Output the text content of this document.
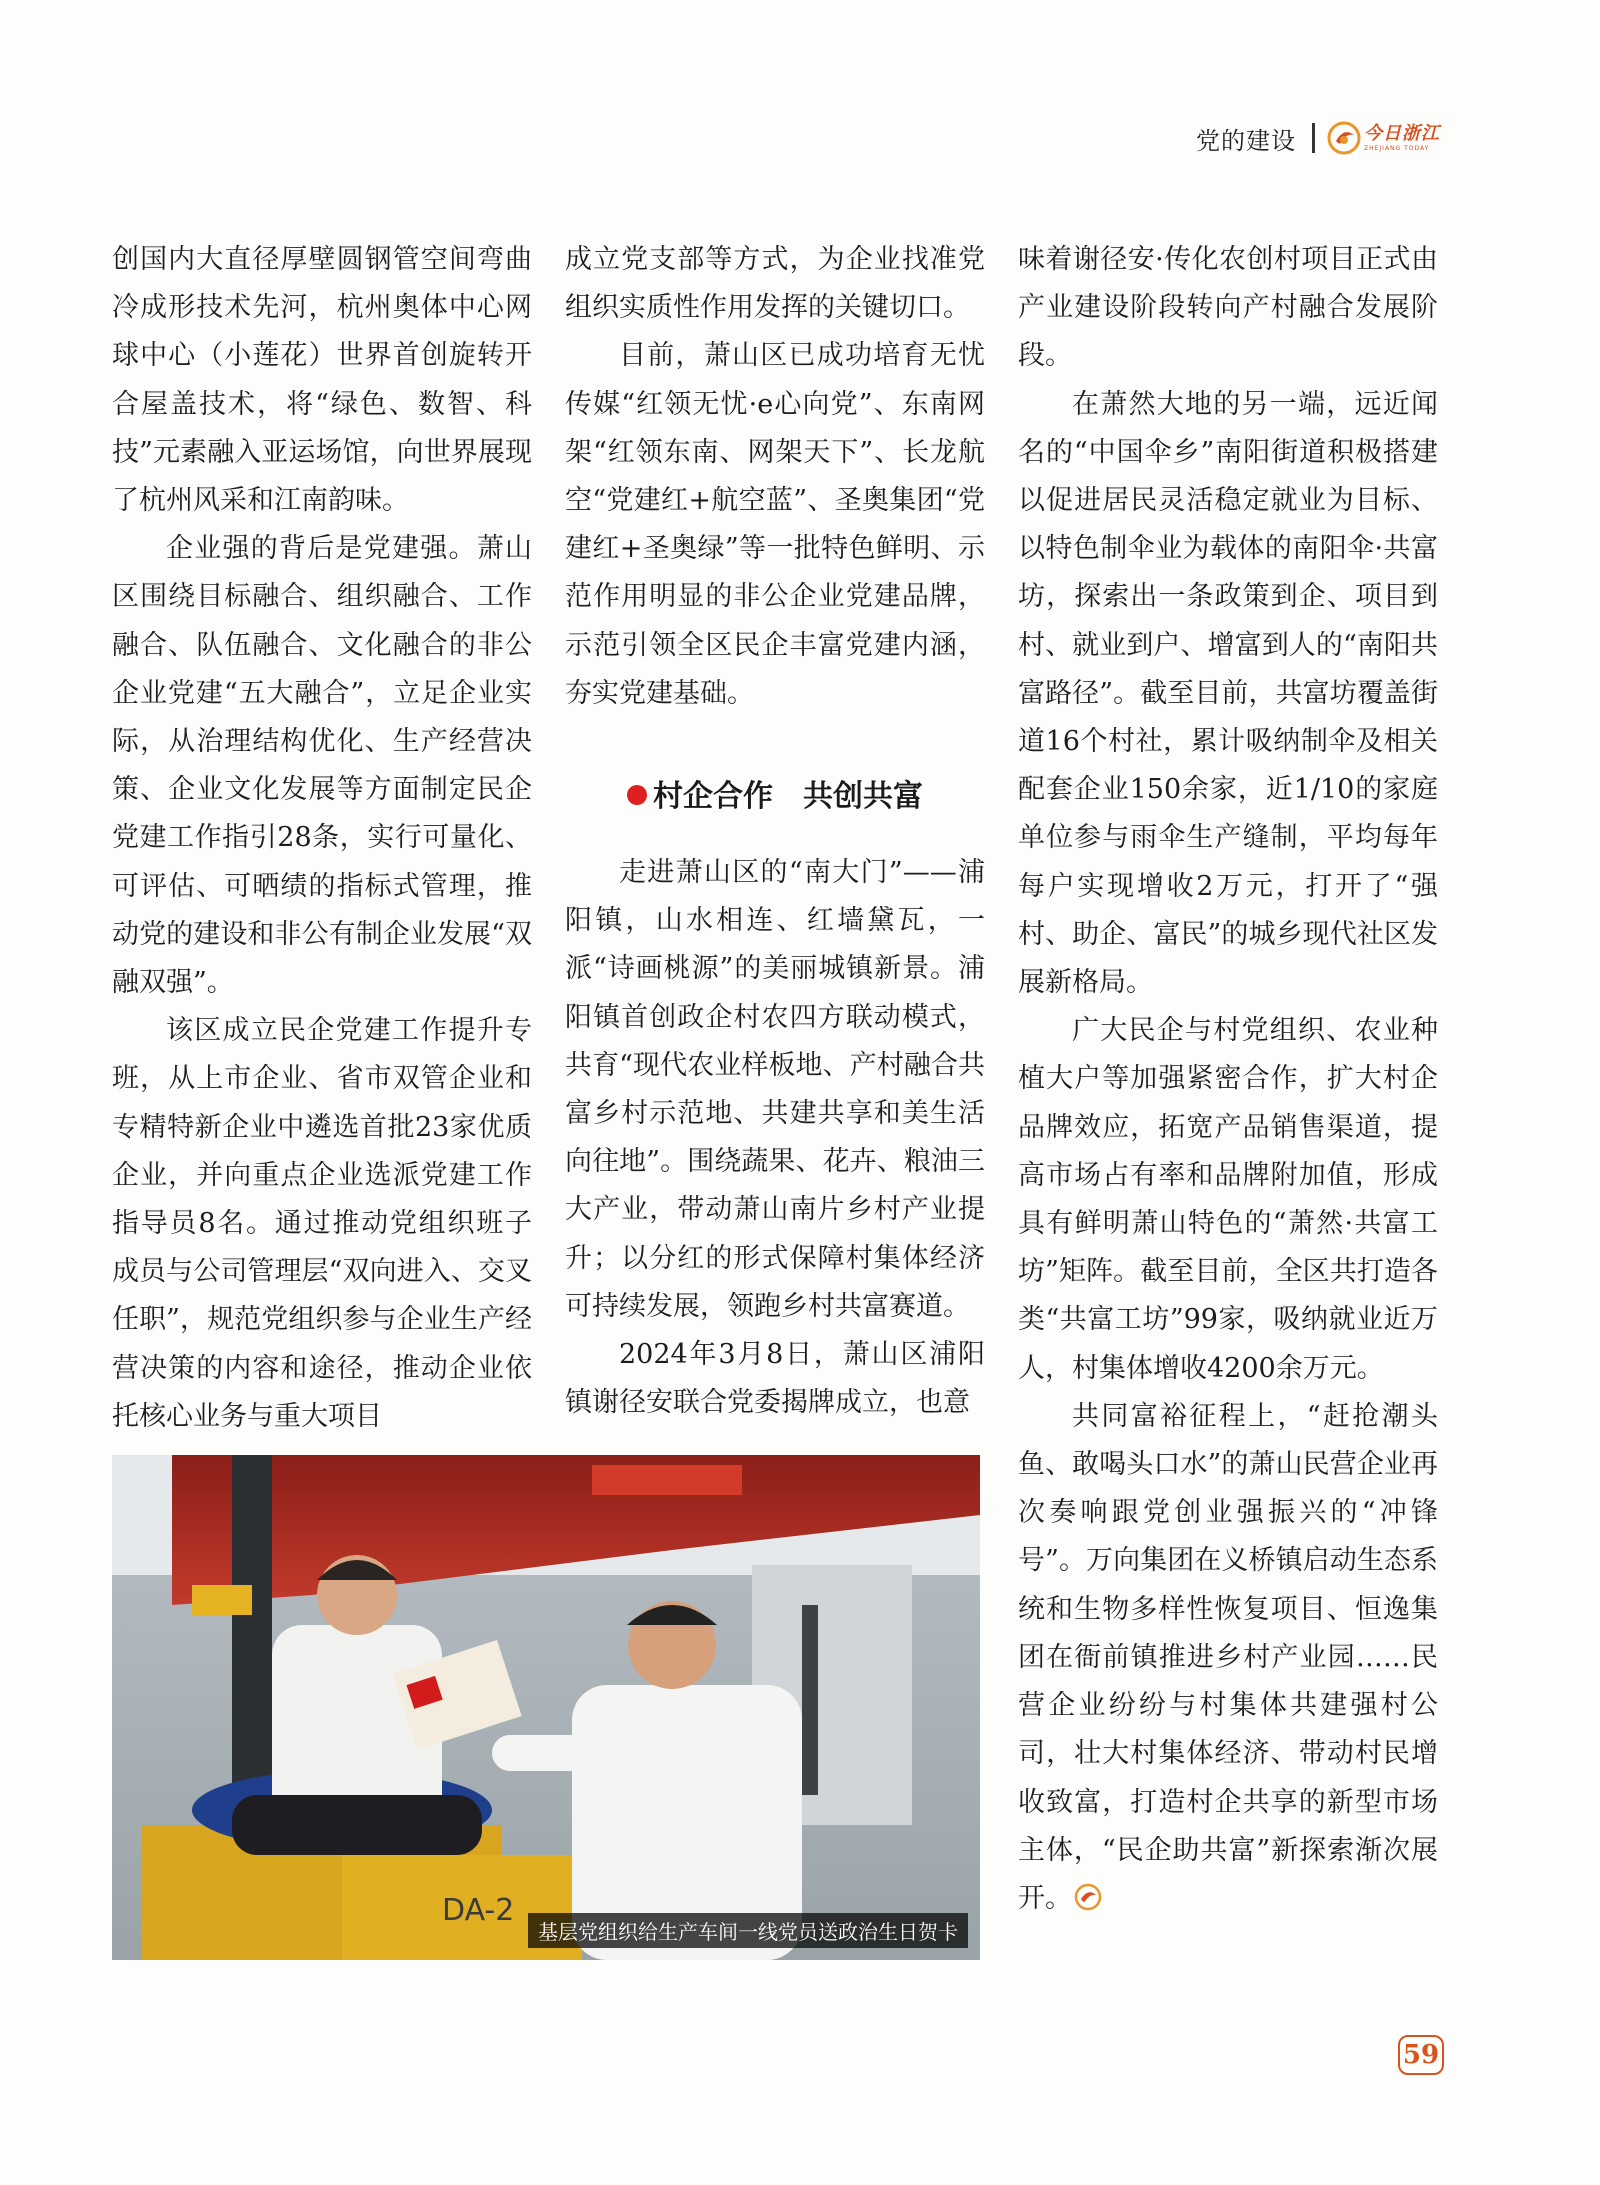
党的建设	今日浙江
ZHEJIANG TODAY

创国内大直径厚壁圆钢管空间弯曲冷成形技术先河，杭州奥体中心网球中心（小莲花）世界首创旋转开合屋盖技术，将“绿色、数智、科技”元素融入亚运场馆，向世界展现了杭州风采和江南韵味。

企业强的背后是党建强。萧山区围绕目标融合、组织融合、工作融合、队伍融合、文化融合的非公企业党建“五大融合”，立足企业实际，从治理结构优化、生产经营决策、企业文化发展等方面制定民企党建工作指引28条，实行可量化、可评估、可晒绩的指标式管理，推动党的建设和非公有制企业发展“双融双强”。

该区成立民企党建工作提升专班，从上市企业、省市双管企业和专精特新企业中遴选首批23家优质企业，并向重点企业选派党建工作指导员8名。通过推动党组织班子成员与公司管理层“双向进入、交叉任职”，规范党组织参与企业生产经营决策的内容和途径，推动企业依托核心业务与重大项目

成立党支部等方式，为企业找准党组织实质性作用发挥的关键切口。

目前，萧山区已成功培育无忧传媒“红领无忧·e心向党”、东南网架“红领东南、网架天下”、长龙航空“党建红+航空蓝”、圣奥集团“党建红+圣奥绿”等一批特色鲜明、示范作用明显的非公企业党建品牌，示范引领全区民企丰富党建内涵，夯实党建基础。

村企合作　共创共富

走进萧山区的“南大门”——浦阳镇，山水相连、红墙黛瓦，一派“诗画桃源”的美丽城镇新景。浦阳镇首创政企村农四方联动模式，共育“现代农业样板地、产村融合共富乡村示范地、共建共享和美生活向往地”。围绕蔬果、花卉、粮油三大产业，带动萧山南片乡村产业提升；以分红的形式保障村集体经济可持续发展，领跑乡村共富赛道。

2024年3月8日，萧山区浦阳镇谢径安联合党委揭牌成立，也意

味着谢径安·传化农创村项目正式由产业建设阶段转向产村融合发展阶段。

在萧然大地的另一端，远近闻名的“中国伞乡”南阳街道积极搭建以促进居民灵活稳定就业为目标、以特色制伞业为载体的南阳伞·共富坊，探索出一条政策到企、项目到村、就业到户、增富到人的“南阳共富路径”。截至目前，共富坊覆盖街道16个村社，累计吸纳制伞及相关配套企业150余家，近1/10的家庭单位参与雨伞生产缝制，平均每年每户实现增收2万元，打开了“强村、助企、富民”的城乡现代社区发展新格局。

广大民企与村党组织、农业种植大户等加强紧密合作，扩大村企品牌效应，拓宽产品销售渠道，提高市场占有率和品牌附加值，形成具有鲜明萧山特色的“萧然·共富工坊”矩阵。截至目前，全区共打造各类“共富工坊”99家，吸纳就业近万人，村集体增收4200余万元。

共同富裕征程上，“赶抢潮头鱼、敢喝头口水”的萧山民营企业再次奏响跟党创业强振兴的“冲锋号”。万向集团在义桥镇启动生态系统和生物多样性恢复项目、恒逸集团在衙前镇推进乡村产业园……民营企业纷纷与村集体共建强村公司，壮大村集体经济、带动村民增收致富，打造村企共享的新型市场主体，“民企助共富”新探索渐次展开。

DA-2
基层党组织给生产车间一线党员送政治生日贺卡
59
